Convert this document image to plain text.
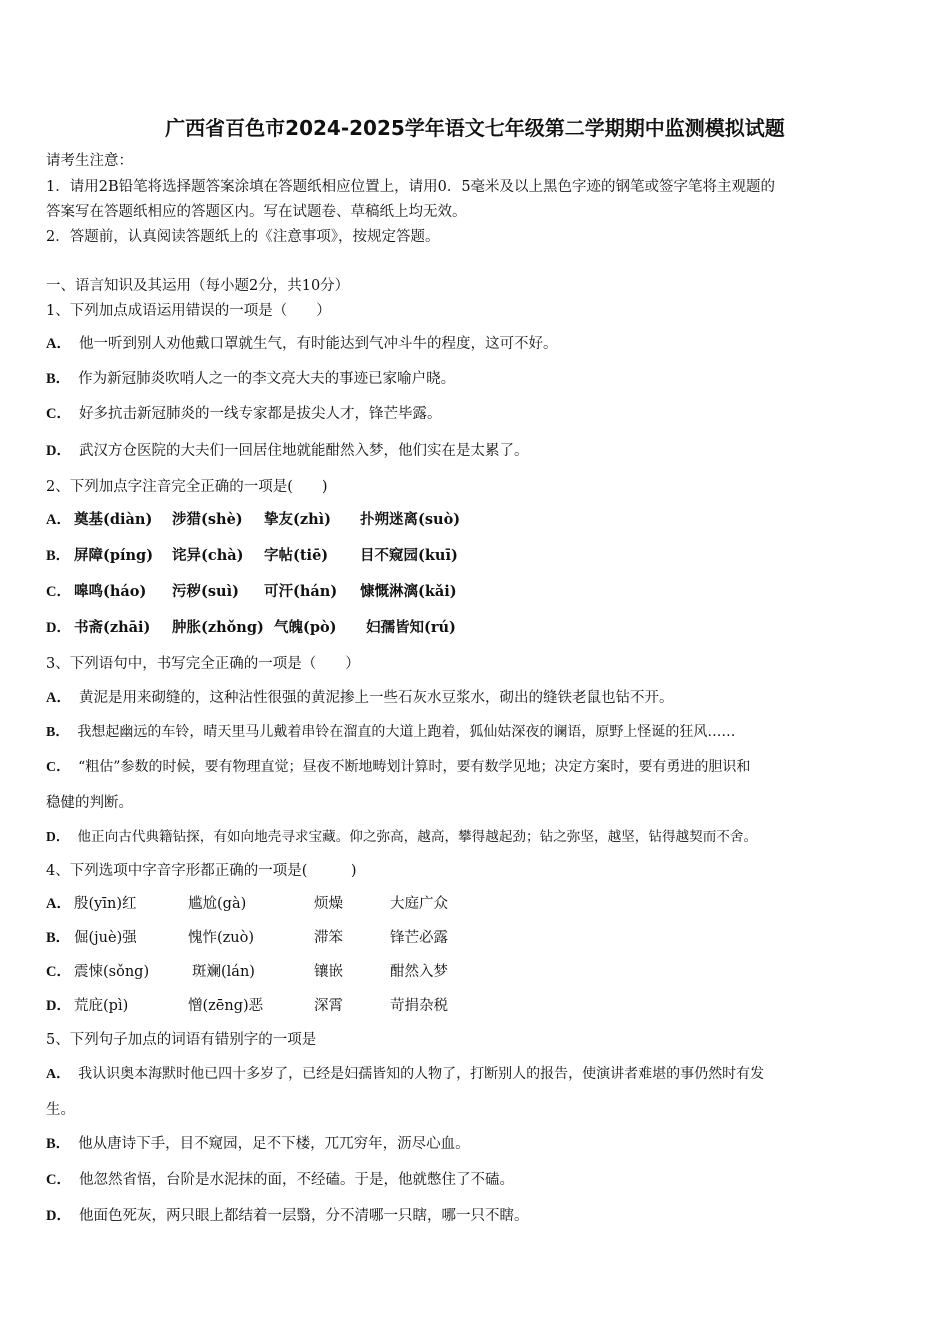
广西省百色市2024-2025学年语文七年级第二学期期中监测模拟试题
请考生注意：
1．请用2B铅笔将选择题答案涂填在答题纸相应位置上，请用0．5毫米及以上黑色字迹的钢笔或签字笔将主观题的
答案写在答题纸相应的答题区内。写在试题卷、草稿纸上均无效。
2．答题前，认真阅读答题纸上的《注意事项》，按规定答题。
一、语言知识及其运用（每小题2分，共10分）
1、下列加点成语运用错误的一项是（　　）
A． 他一听到别人劝他戴口罩就生气，有时能达到气冲斗牛的程度，这可不好。
B． 作为新冠肺炎吹哨人之一的李文亮大夫的事迹已家喻户晓。
C． 好多抗击新冠肺炎的一线专家都是拔尖人才，锋芒毕露。
D． 武汉方仓医院的大夫们一回居住地就能酣然入梦，他们实在是太累了。
2、下列加点字注音完全正确的一项是(　　)
A． 奠基(diàn) 涉猎(shè) 挚友(zhì) 扑朔迷离(suò)
B． 屏障(píng) 诧异(chà) 字帖(tiē) 目不窥园(kuī)
C． 嗥鸣(háo) 污秽(suì) 可汗(hán) 慷慨淋漓(kǎi)
D． 书斋(zhāi) 肿胀(zhǒng) 气魄(pò) 妇孺皆知(rú)
3、下列语句中，书写完全正确的一项是（　　）
A． 黄泥是用来砌缝的，这种沾性很强的黄泥掺上一些石灰水豆浆水，砌出的缝铁老鼠也钻不开。
B． 我想起幽远的车铃，晴天里马儿戴着串铃在溜直的大道上跑着，狐仙姑深夜的谰语，原野上怪诞的狂风……
C． “粗估”参数的时候，要有物理直觉；昼夜不断地畴划计算时，要有数学见地；决定方案时，要有勇进的胆识和
稳健的判断。
D． 他正向古代典籍钻探，有如向地壳寻求宝藏。仰之弥高，越高，攀得越起劲；钻之弥坚，越坚，钻得越契而不舍。
4、下列选项中字音字形都正确的一项是(　　　)
A． 殷(yīn)红	尴尬(gà)	烦燥	大庭广众
B． 倔(juè)强	愧怍(zuò)	滞笨	锋芒必露
C． 震悚(sǒng)	斑斓(lán)	镶嵌	酣然入梦
D． 荒庇(pì)	憎(zēng)恶	深霄	苛捐杂税
5、下列句子加点的词语有错别字的一项是
A． 我认识奥本海默时他已四十多岁了，已经是妇孺皆知的人物了，打断别人的报告，使演讲者难堪的事仍然时有发
生。
B． 他从唐诗下手，目不窥园，足不下楼，兀兀穷年，沥尽心血。
C． 他忽然省悟，台阶是水泥抹的面，不经磕。于是，他就憋住了不磕。
D． 他面色死灰，两只眼上都结着一层翳，分不清哪一只瞎，哪一只不瞎。
